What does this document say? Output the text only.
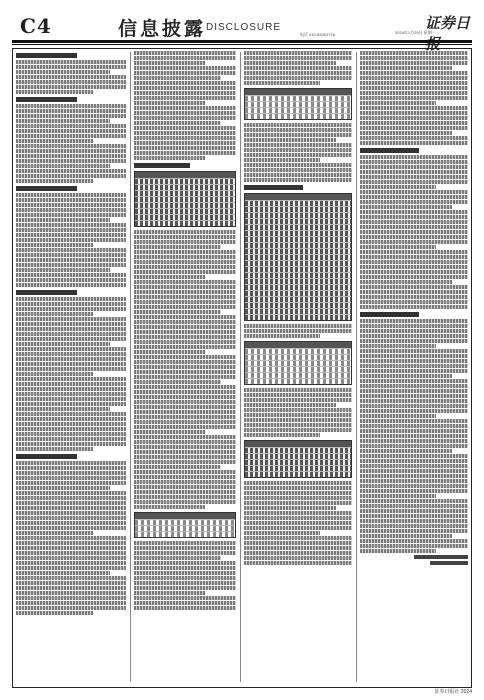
C4	信息披露 DISCLOSURE
电话 010-83251716
证券日
2024年1月29日 星期一
证券日报社 2024
